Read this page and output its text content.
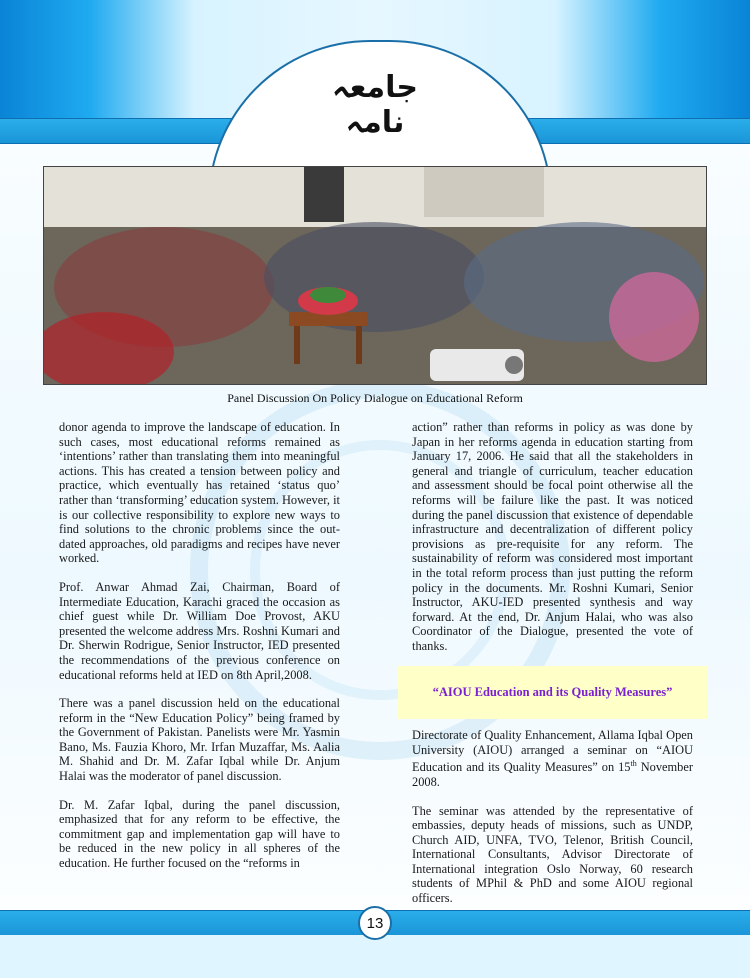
جامعہ نامہ
Panel Discussion On Policy Dialogue on Educational Reform

donor agenda to improve the landscape of education. In such cases, most educational reforms remained as ‘intentions’ rather than translating them into meaningful actions. This has created a tension between policy and practice, which eventually has retained ‘status quo’ rather than ‘transforming’ education system. However, it is our collective responsibility to explore new ways to find solutions to the chronic problems since the out-dated approaches, old paradigms and recipes have never worked.

Prof. Anwar Ahmad Zai, Chairman, Board of Intermediate Education, Karachi graced the occasion as chief guest while Dr. William Doe Provost, AKU presented the welcome address Mrs. Roshni Kumari and Dr. Sherwin Rodrigue, Senior Instructor, IED presented the recommendations of the previous conference on educational reforms held at IED on 8th April,2008.

There was a panel discussion held on the educational reform in the “New Education Policy” being framed by the Government of Pakistan. Panelists were Mr. Yasmin Bano, Ms. Fauzia Khoro, Mr. Irfan Muzaffar, Ms. Aalia M. Shahid and Dr. M. Zafar Iqbal while Dr. Anjum Halai was the moderator of panel discussion.

Dr. M. Zafar Iqbal, during the panel discussion, emphasized that for any reform to be effective, the commitment gap and implementation gap will have to be reduced in the new policy in all spheres of the education. He further focused on the “reforms in

action” rather than reforms in policy as was done by Japan in her reforms agenda in education starting from January 17, 2006. He said that all the stakeholders in general and triangle of curriculum, teacher education and assessment should be focal point otherwise all the reforms will be failure like the past. It was noticed during the panel discussion that existence of dependable infrastructure and decentralization of different policy provisions as pre-requisite for any reform. The sustainability of reform was considered most important in the total reform process than just putting the reform policy in the documents. Mr. Roshni Kumari, Senior Instructor, AKU-IED presented synthesis and way forward. At the end, Dr. Anjum Halai, who was also Coordinator of the Dialogue, presented the vote of thanks.

“AIOU Education and its Quality Measures”

Directorate of Quality Enhancement, Allama Iqbal Open University (AIOU) arranged a seminar on “AIOU Education and its Quality Measures” on 15th November 2008.

The seminar was attended by the representative of embassies, deputy heads of missions, such as UNDP, Church AID, UNFA, TVO, Telenor, British Council, International Consultants, Advisor Directorate of International integration Oslo Norway, 60 research students of MPhil & PhD and some AIOU regional officers.

13
